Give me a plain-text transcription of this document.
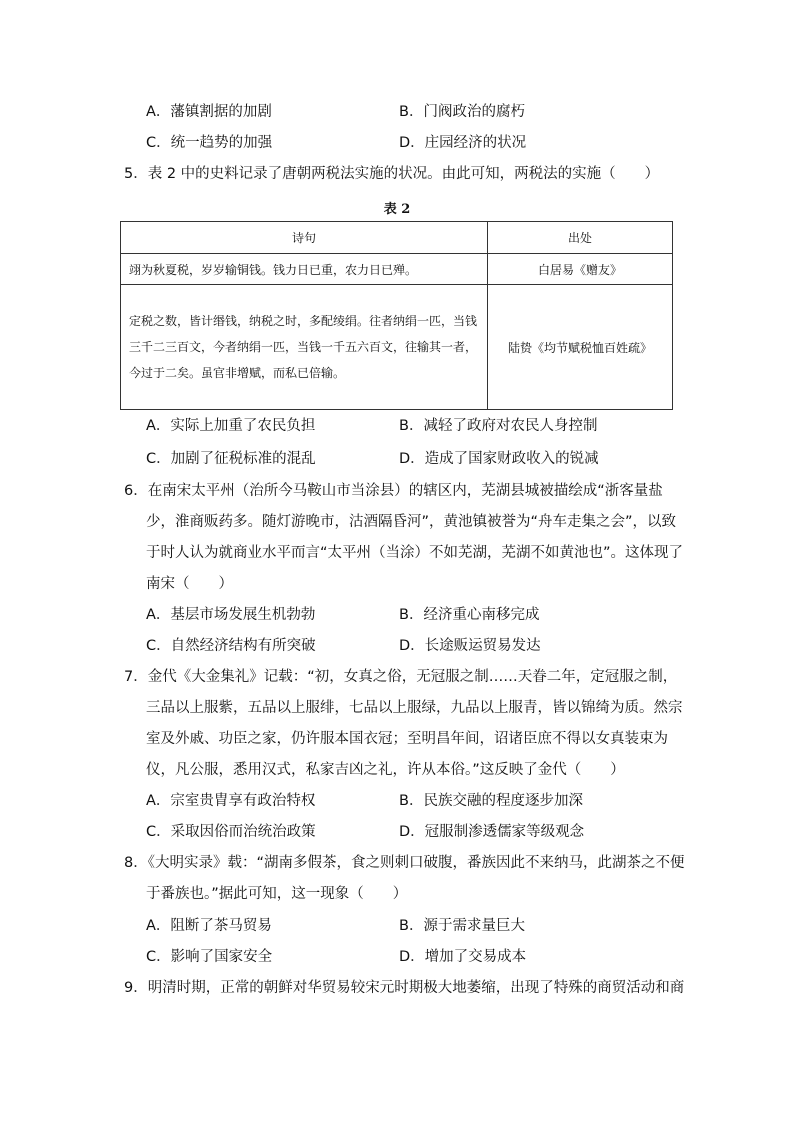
A．藩镇割据的加剧	B．门阀政治的腐朽
C．统一趋势的加强	D．庄园经济的状况
5．表 2 中的史料记录了唐朝两税法实施的状况。由此可知，两税法的实施（　　）
表 2
诗句	出处
翊为秋夏税，岁岁输铜钱。钱力日已重，农力日已殚。	白居易《赠友》
定税之数，皆计缗钱，纳税之时，多配绫绢。往者纳绢一匹，当钱三千二三百文，今者纳绢一匹，当钱一千五六百文，往输其一者，今过于二矣。虽官非增赋，而私已倍输。	陆贽《均节赋税恤百姓疏》
A．实际上加重了农民负担	B．减轻了政府对农民人身控制
C．加剧了征税标准的混乱	D．造成了国家财政收入的锐减
6．在南宋太平州（治所今马鞍山市当涂县）的辖区内，芜湖县城被描绘成“浙客量盐
少，淮商贩药多。随灯游晚市，沽酒隔昏河”，黄池镇被誉为“舟车走集之会”，以致
于时人认为就商业水平而言“太平州（当涂）不如芜湖，芜湖不如黄池也”。这体现了
南宋（　　）
A．基层市场发展生机勃勃	B．经济重心南移完成
C．自然经济结构有所突破	D．长途贩运贸易发达
7．金代《大金集礼》记载：“初，女真之俗，无冠服之制……天眷二年，定冠服之制，
三品以上服紫，五品以上服绯，七品以上服绿，九品以上服青，皆以锦绮为质。然宗
室及外戚、功臣之家，仍许服本国衣冠；至明昌年间，诏诸臣庶不得以女真装束为
仪，凡公服，悉用汉式，私家吉凶之礼，许从本俗。”这反映了金代（　　）
A．宗室贵胄享有政治特权	B．民族交融的程度逐步加深
C．采取因俗而治统治政策	D．冠服制渗透儒家等级观念
8．《大明实录》载：“湖南多假茶，食之则刺口破腹，番族因此不来纳马，此湖茶之不便
于番族也。”据此可知，这一现象（　　）
A．阻断了茶马贸易	B．源于需求量巨大
C．影响了国家安全	D．增加了交易成本
9．明清时期，正常的朝鲜对华贸易较宋元时期极大地萎缩，出现了特殊的商贸活动和商
